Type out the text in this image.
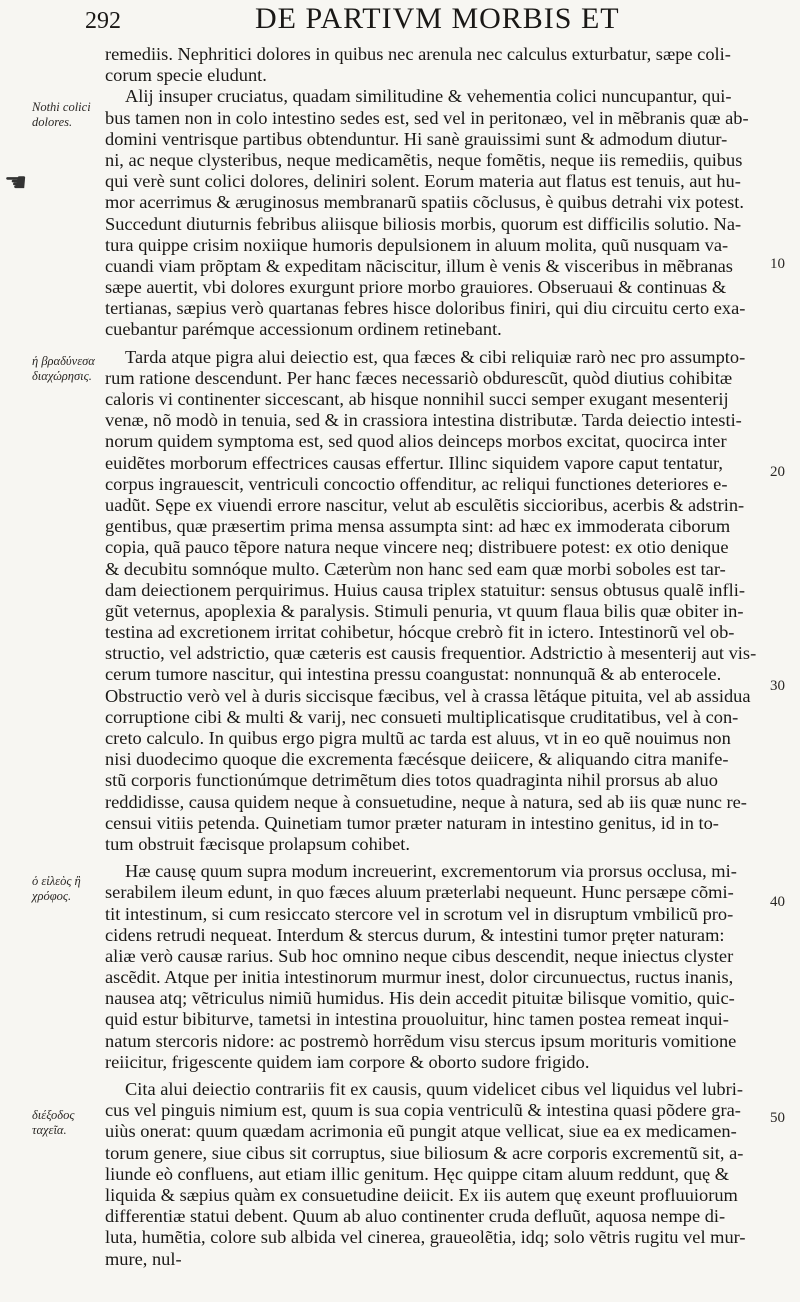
292	DE PARTIVM MORBIS ET
☚
Nothi colici dolores.
ἡ βραδύνεσα διαχώρησις.
ὁ εἰλεὸς ἢ χρόφος.
διέξοδος ταχεῖα.
10
20
30
40
50
remediis. Nephritici dolores in quibus nec arenula nec calculus exturbatur, sæpe coli-
corum specie eludunt.
Alij insuper cruciatus, quadam similitudine & vehementia colici nuncupantur, qui-
bus tamen non in colo intestino sedes est, sed vel in peritonæo, vel in mẽbranis quæ ab-
domini ventrisque partibus obtenduntur. Hi sanè grauissimi sunt & admodum diutur-
ni, ac neque clysteribus, neque medicamẽtis, neque fomẽtis, neque iis remediis, quibus
qui verè sunt colici dolores, deliniri solent. Eorum materia aut flatus est tenuis, aut hu-
mor acerrimus & æruginosus membranarũ spatiis cõclusus, è quibus detrahi vix potest.
Succedunt diuturnis febribus aliisque biliosis morbis, quorum est difficilis solutio. Na-
tura quippe crisim noxiique humoris depulsionem in aluum molita, quũ nusquam va-
cuandi viam prõptam & expeditam nãciscitur, illum è venis & visceribus in mẽbranas
sæpe auertit, vbi dolores exurgunt priore morbo grauiores. Obseruaui & continuas &
tertianas, sæpius verò quartanas febres hisce doloribus finiri, qui diu circuitu certo exa-
cuebantur parémque accessionum ordinem retinebant.
Tarda atque pigra alui deiectio est, qua fæces & cibi reliquiæ rarò nec pro assumpto-
rum ratione descendunt. Per hanc fæces necessariò obdurescũt, quòd diutius cohibitæ
caloris vi continenter siccescant, ab hisque nonnihil succi semper exugant mesenterij
venæ, nõ modò in tenuia, sed & in crassiora intestina distributæ. Tarda deiectio intesti-
norum quidem symptoma est, sed quod alios deinceps morbos excitat, quocirca inter
euidẽtes morborum effectrices causas effertur. Illinc siquidem vapore caput tentatur,
corpus ingrauescit, ventriculi concoctio offenditur, ac reliqui functiones deteriores e-
uadũt. Sępe ex viuendi errore nascitur, velut ab esculẽtis siccioribus, acerbis & adstrin-
gentibus, quæ præsertim prima mensa assumpta sint: ad hæc ex immoderata ciborum
copia, quã pauco tẽpore natura neque vincere neq; distribuere potest: ex otio denique
& decubitu somnóque multo. Cæterùm non hanc sed eam quæ morbi soboles est tar-
dam deiectionem perquirimus. Huius causa triplex statuitur: sensus obtusus qualẽ infli-
gũt veternus, apoplexia & paralysis. Stimuli penuria, vt quum flaua bilis quæ obiter in-
testina ad excretionem irritat cohibetur, hócque crebrò fit in ictero. Intestinorũ vel ob-
structio, vel adstrictio, quæ cæteris est causis frequentior. Adstrictio à mesenterij aut vis-
cerum tumore nascitur, qui intestina pressu coangustat: nonnunquã & ab enterocele.
Obstructio verò vel à duris siccisque fæcibus, vel à crassa lẽtáque pituita, vel ab assidua
corruptione cibi & multi & varij, nec consueti multiplicatisque cruditatibus, vel à con-
creto calculo. In quibus ergo pigra multũ ac tarda est aluus, vt in eo quẽ nouimus non
nisi duodecimo quoque die excrementa fæcésque deiicere, & aliquando citra manife-
stũ corporis functionúmque detrimẽtum dies totos quadraginta nihil prorsus ab aluo
reddidisse, causa quidem neque à consuetudine, neque à natura, sed ab iis quæ nunc re-
censui vitiis petenda. Quinetiam tumor præter naturam in intestino genitus, id in to-
tum obstruit fæcisque prolapsum cohibet.
Hæ causę quum supra modum increuerint, excrementorum via prorsus occlusa, mi-
serabilem ileum edunt, in quo fæces aluum præterlabi nequeunt. Hunc persæpe cõmi-
tit intestinum, si cum resiccato stercore vel in scrotum vel in disruptum vmbilicũ pro-
cidens retrudi nequeat. Interdum & stercus durum, & intestini tumor pręter naturam:
aliæ verò causæ rarius. Sub hoc omnino neque cibus descendit, neque iniectus clyster
ascẽdit. Atque per initia intestinorum murmur inest, dolor circunuectus, ructus inanis,
nausea atq; vẽtriculus nimiũ humidus. His dein accedit pituitæ bilisque vomitio, quic-
quid estur bibiturve, tametsi in intestina prouoluitur, hinc tamen postea remeat inqui-
natum stercoris nidore: ac postremò horrẽdum visu stercus ipsum morituris vomitione
reiicitur, frigescente quidem iam corpore & oborto sudore frigido.
Cita alui deiectio contrariis fit ex causis, quum videlicet cibus vel liquidus vel lubri-
cus vel pinguis nimium est, quum is sua copia ventriculũ & intestina quasi põdere gra-
uiùs onerat: quum quædam acrimonia eũ pungit atque vellicat, siue ea ex medicamen-
torum genere, siue cibus sit corruptus, siue biliosum & acre corporis excrementũ sit, a-
liunde eò confluens, aut etiam illic genitum. Hęc quippe citam aluum reddunt, quę &
liquida & sæpius quàm ex consuetudine deiicit. Ex iis autem quę exeunt profluuiorum
differentiæ statui debent. Quum ab aluo continenter cruda defluũt, aquosa nempe di-
luta, humẽtia, colore sub albida vel cinerea, graueolẽtia, idq; solo vẽtris rugitu vel mur-
mure, nul-
